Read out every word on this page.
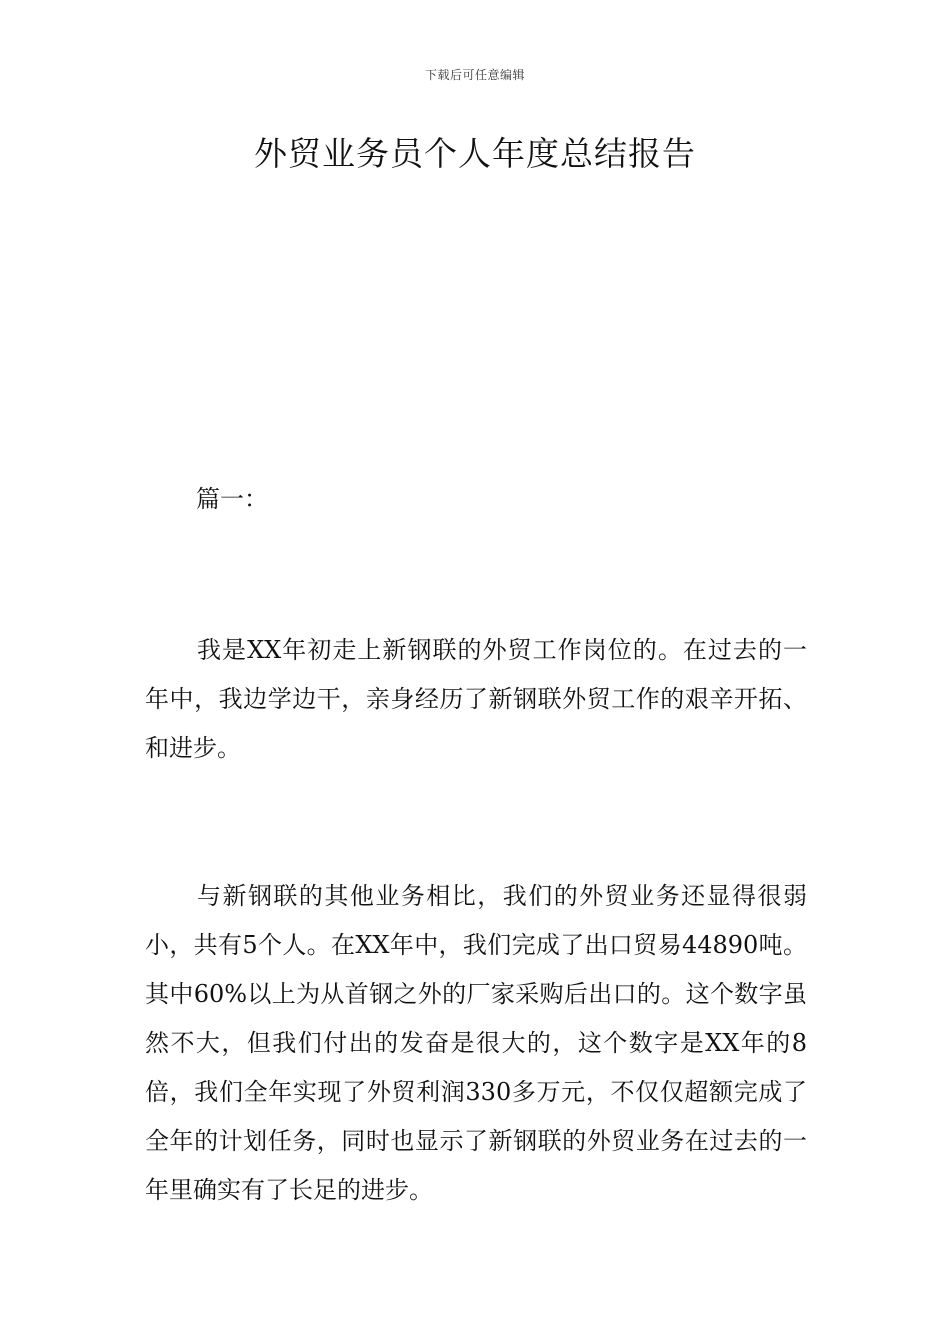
下载后可任意编辑
外贸业务员个人年度总结报告
篇一：

我是XX年初走上新钢联的外贸工作岗位的。在过去的一年中，我边学边干，亲身经历了新钢联外贸工作的艰辛开拓、和进步。

与新钢联的其他业务相比，我们的外贸业务还显得很弱小，共有5个人。在XX年中，我们完成了出口贸易44890吨。其中60%以上为从首钢之外的厂家采购后出口的。这个数字虽然不大，但我们付出的发奋是很大的，这个数字是XX年的8倍，我们全年实现了外贸利润330多万元，不仅仅超额完成了全年的计划任务，同时也显示了新钢联的外贸业务在过去的一年里确实有了长足的进步。
